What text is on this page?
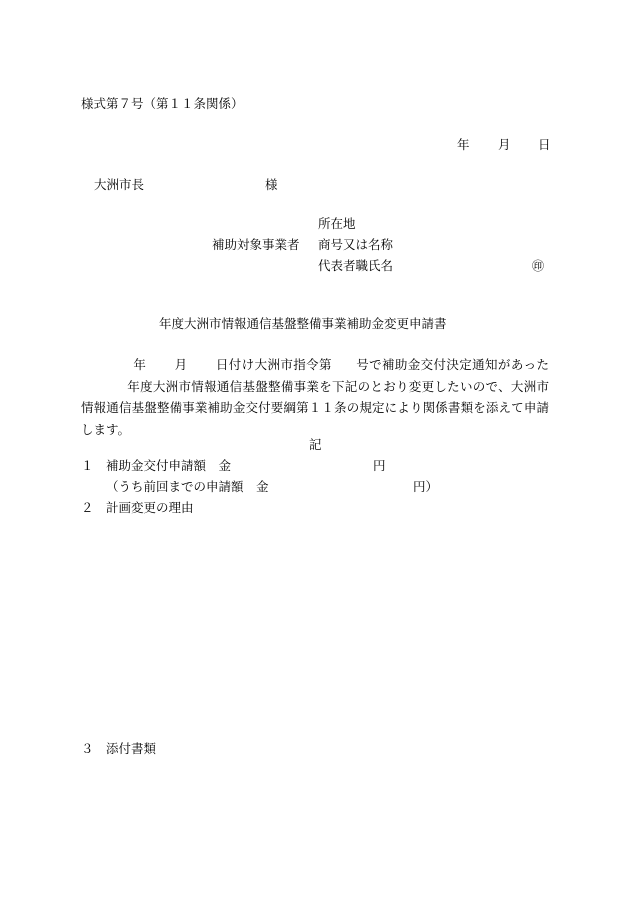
様式第７号（第１１条関係）
年 月 日
大洲市長	様
所在地
補助対象事業者 商号又は名称
代表者職氏名	㊞
年度大洲市情報通信基盤整備事業補助金変更申請書
年 月 日付け大洲市指令第 号で補助金交付決定通知があった年度大洲市情報通信基盤整備事業を下記のとおり変更したいので、大洲市情報通信基盤整備事業補助金交付要綱第１１条の規定により関係書類を添えて申請します。
記
１ 補助金交付申請額　金	円
（うち前回までの申請額　金	円）
２ 計画変更の理由
３ 添付書類
